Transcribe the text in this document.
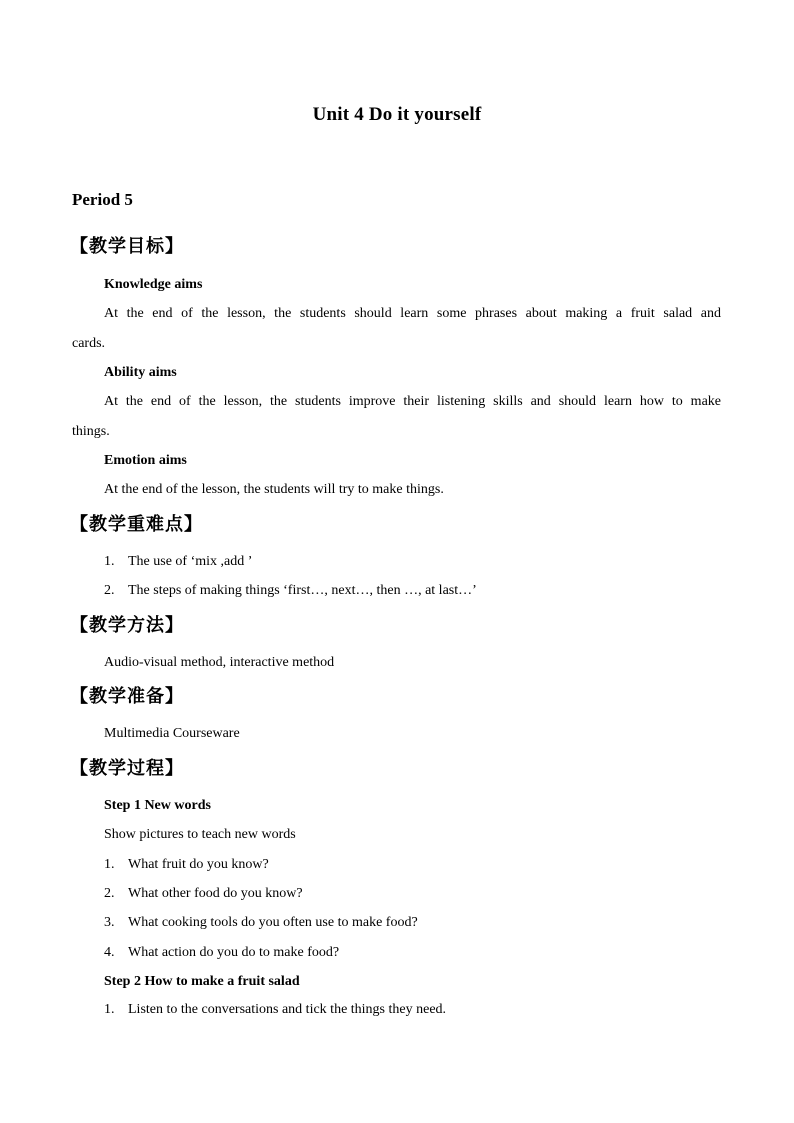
Unit 4 Do it yourself
Period 5
【教学目标】
Knowledge aims
At the end of the lesson, the students should learn some phrases about making a fruit salad and
cards.
Ability aims
At the end of the lesson, the students improve their listening skills and should learn how to make
things.
Emotion aims
At the end of the lesson, the students will try to make things.
【教学重难点】
1. The use of ‘mix ,add ’
2. The steps of making things ‘first…, next…, then …, at last…’
【教学方法】
Audio-visual method, interactive method
【教学准备】
Multimedia Courseware
【教学过程】
Step 1 New words
Show pictures to teach new words
1. What fruit do you know?
2. What other food do you know?
3. What cooking tools do you often use to make food?
4. What action do you do to make food?
Step 2 How to make a fruit salad
1. Listen to the conversations and tick the things they need.
